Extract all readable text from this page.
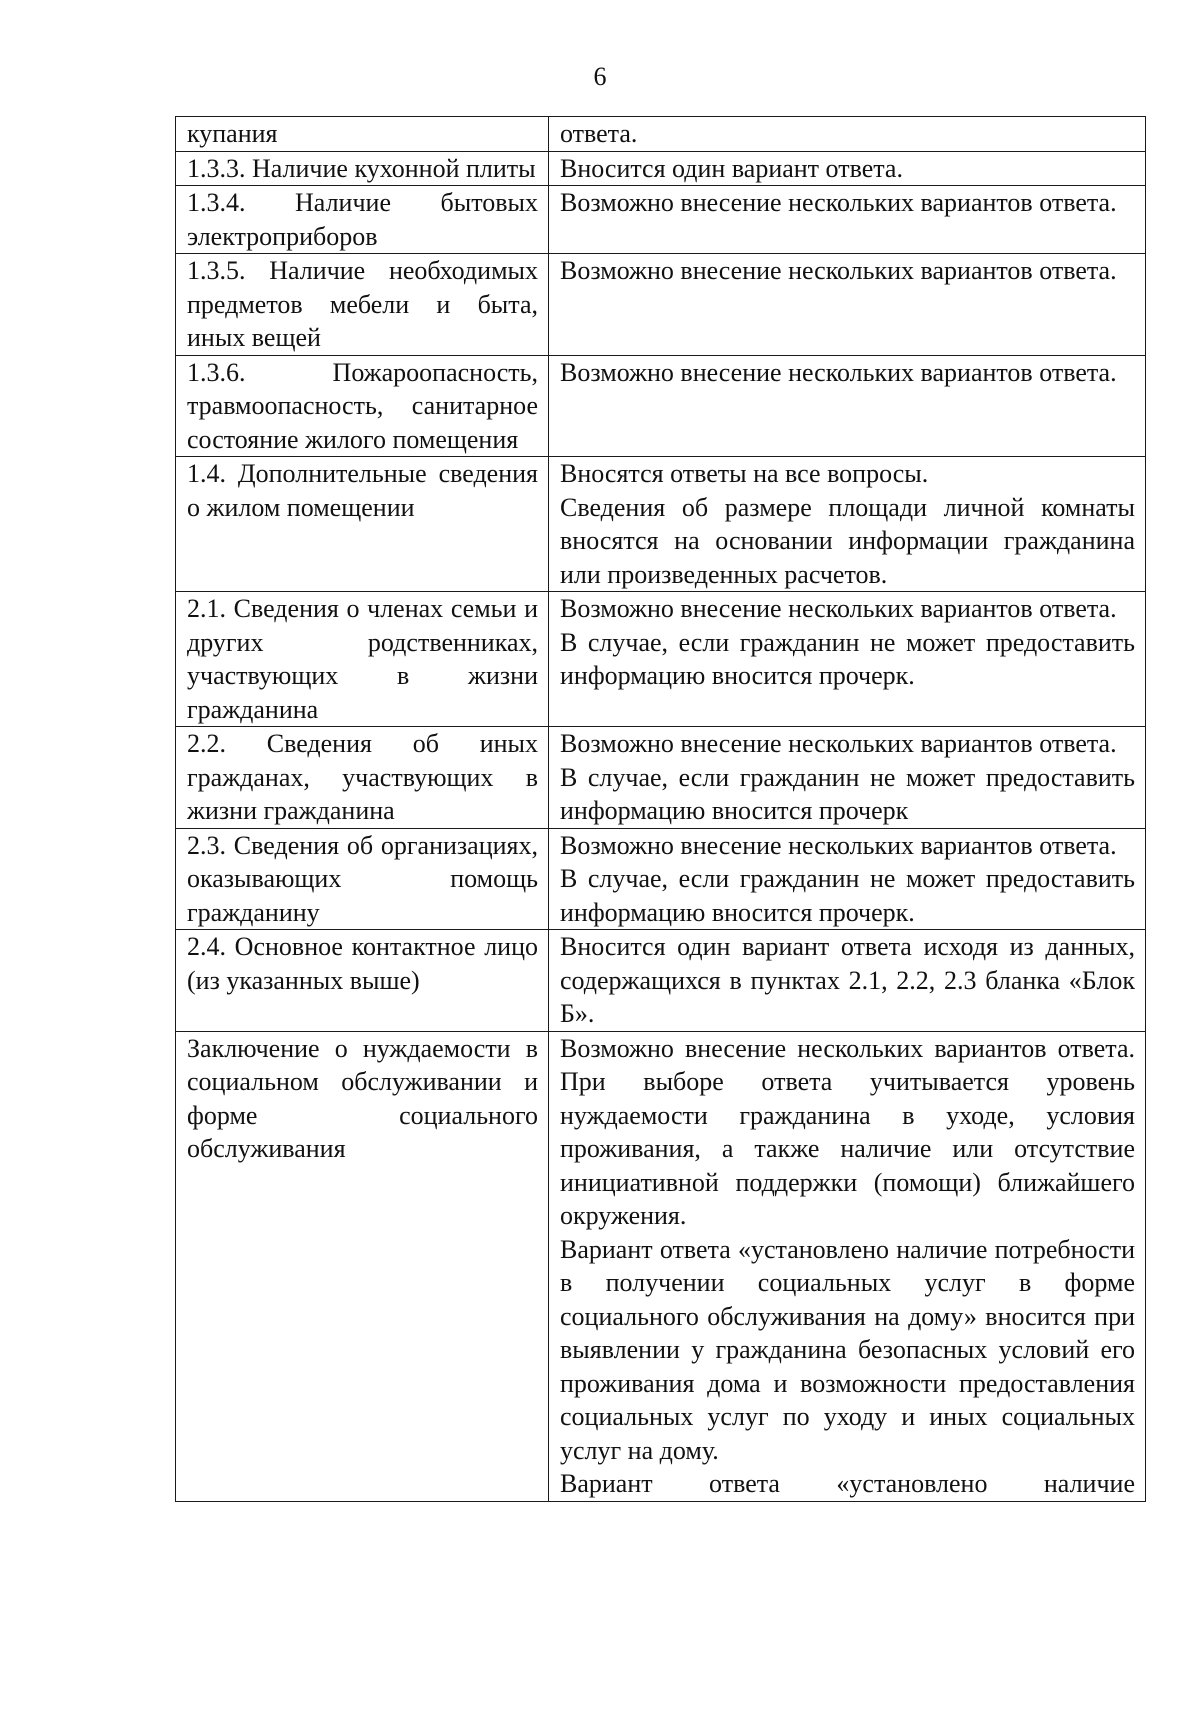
6

купания	ответа.

1.3.3. Наличие кухонной плиты	Вносится один вариант ответа.

1.3.4. Наличие бытовых электроприборов	Возможно внесение нескольких вариантов ответа.

1.3.5. Наличие необходимых предметов мебели и быта, иных вещей	Возможно внесение нескольких вариантов ответа.

1.3.6. Пожароопасность, травмоопасность, санитарное состояние жилого помещения	Возможно внесение нескольких вариантов ответа.

1.4. Дополнительные сведения о жилом помещении	Вносятся ответы на все вопросы.

Сведения об размере площади личной комнаты вносятся на основании информации гражданина или произведенных расчетов.

2.1. Сведения о членах семьи и других родственниках, участвующих в жизни гражданина	Возможно внесение нескольких вариантов ответа.

В случае, если гражданин не может предоставить информацию вносится прочерк.

2.2. Сведения об иных гражданах, участвующих в жизни гражданина	Возможно внесение нескольких вариантов ответа.

В случае, если гражданин не может предоставить информацию вносится прочерк

2.3. Сведения об организациях, оказывающих помощь гражданину	Возможно внесение нескольких вариантов ответа.

В случае, если гражданин не может предоставить информацию вносится прочерк.

2.4. Основное контактное лицо (из указанных выше)	Вносится один вариант ответа исходя из данных, содержащихся в пунктах 2.1, 2.2, 2.3 бланка «Блок Б».

Заключение о нуждаемости в социальном обслуживании и форме социального обслуживания	Возможно внесение нескольких вариантов ответа. При выборе ответа учитывается уровень нуждаемости гражданина в уходе, условия проживания, а также наличие или отсутствие инициативной поддержки (помощи) ближайшего окружения.

Вариант ответа «установлено наличие потребности в получении социальных услуг в форме социального обслуживания на дому» вносится при выявлении у гражданина безопасных условий его проживания дома и возможности предоставления социальных услуг по уходу и иных социальных услуг на дому.

Вариант ответа «установлено наличие
